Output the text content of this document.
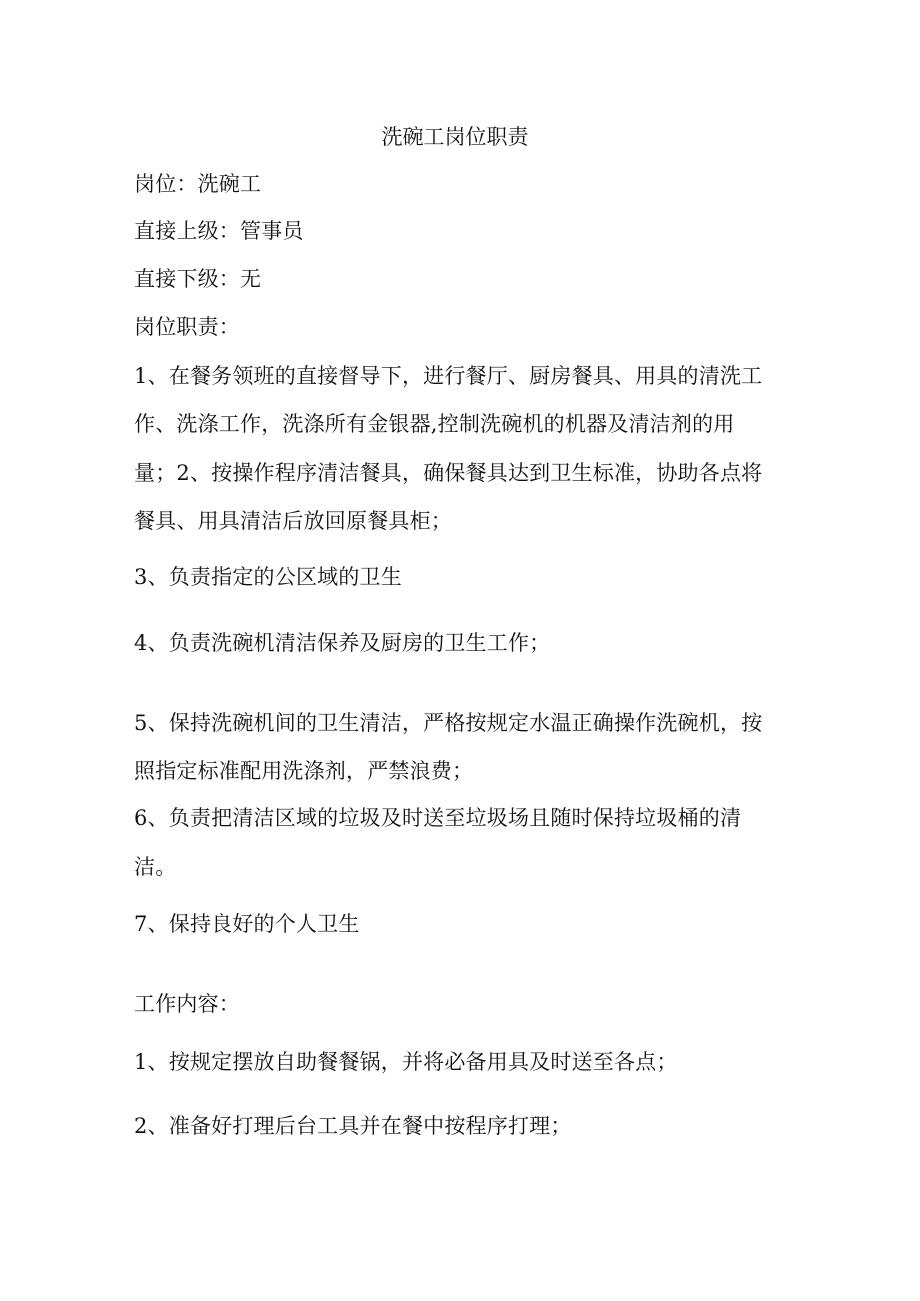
洗碗工岗位职责
岗位：洗碗工
直接上级：管事员
直接下级：无
岗位职责：
1、在餐务领班的直接督导下，进行餐厅、厨房餐具、用具的清洗工
作、洗涤工作，洗涤所有金银器,控制洗碗机的机器及清洁剂的用
量；2、按操作程序清洁餐具，确保餐具达到卫生标准，协助各点将
餐具、用具清洁后放回原餐具柜；
3、负责指定的公区域的卫生
4、负责洗碗机清洁保养及厨房的卫生工作；
5、保持洗碗机间的卫生清洁，严格按规定水温正确操作洗碗机，按
照指定标准配用洗涤剂，严禁浪费；
6、负责把清洁区域的垃圾及时送至垃圾场且随时保持垃圾桶的清
洁。
7、保持良好的个人卫生
工作内容：
1、按规定摆放自助餐餐锅，并将必备用具及时送至各点；
2、准备好打理后台工具并在餐中按程序打理；
